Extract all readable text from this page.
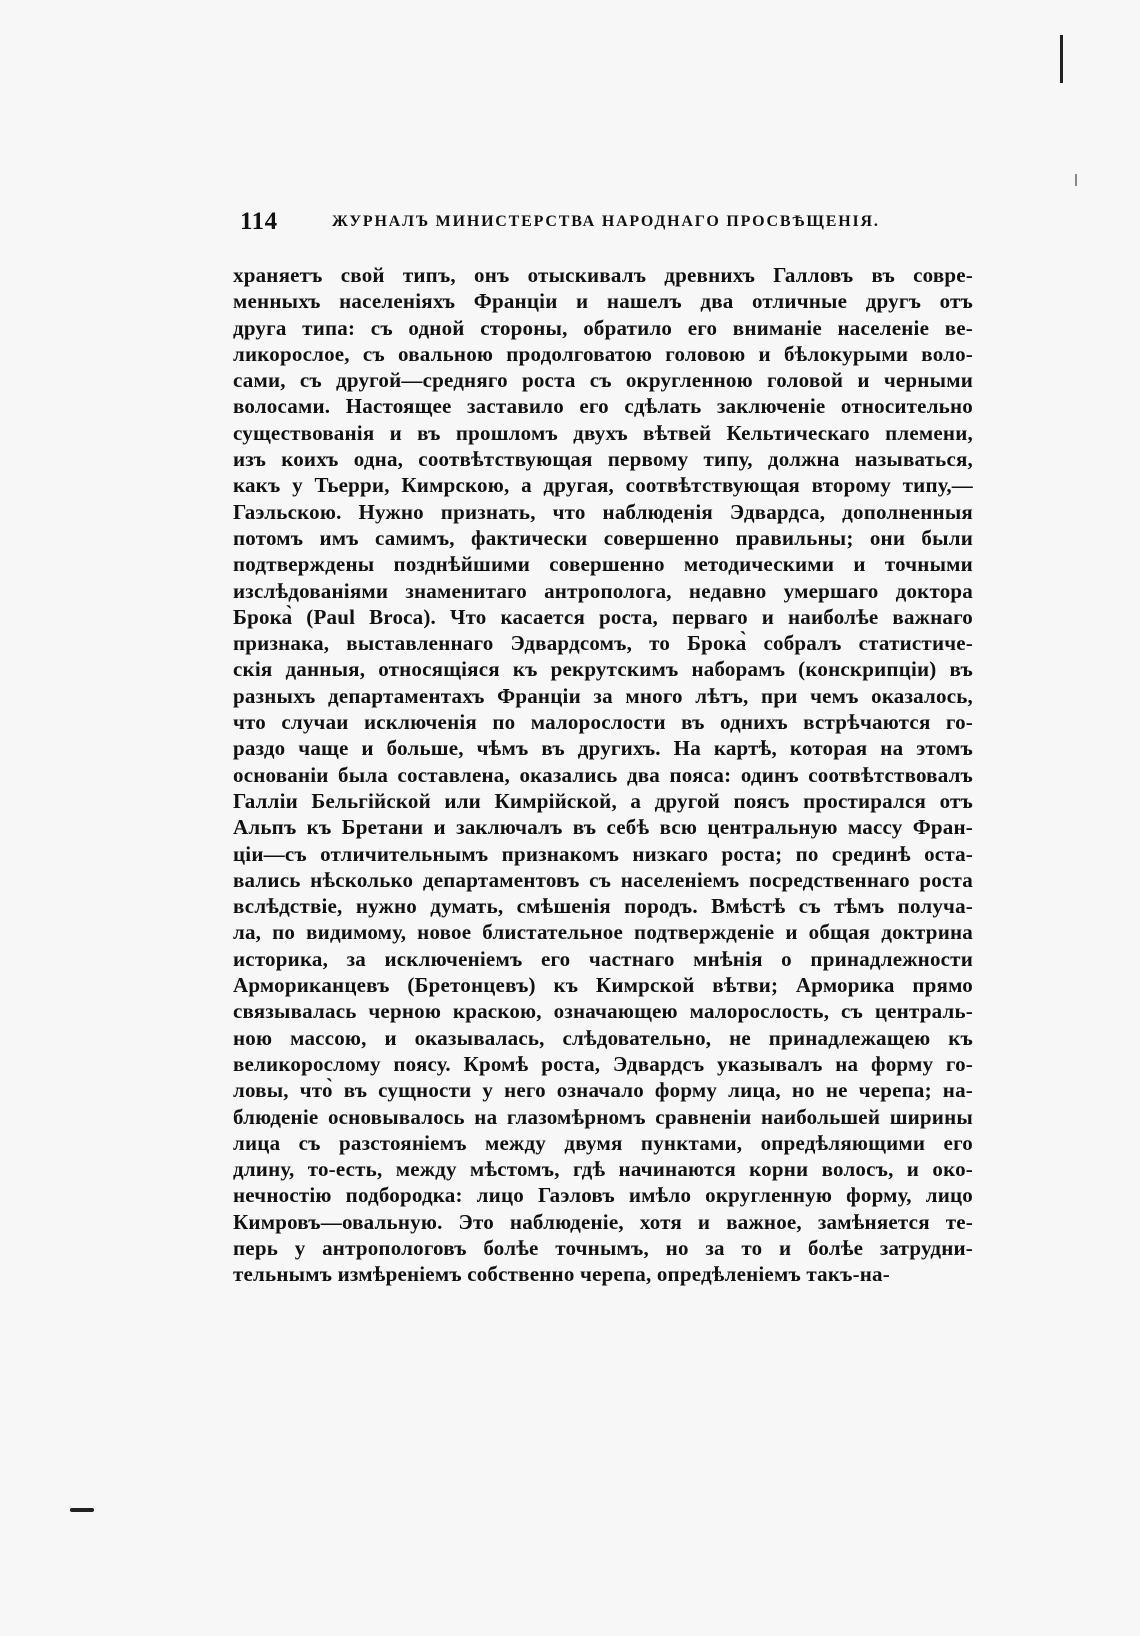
114	ЖУРНАЛЪ МИНИСТЕРСТВА НАРОДНАГО ПРОСВѢЩЕНІЯ.
храняетъ свой типъ, онъ отыскивалъ древнихъ Галловъ въ совре-
менныхъ населеніяхъ Франціи и нашелъ два отличные другъ отъ
друга типа: съ одной стороны, обратило его вниманіе населеніе ве-
ликорослое, съ овальною продолговатою головою и бѣлокурыми воло-
сами, съ другой—средняго роста съ округленною головой и черными
волосами. Настоящее заставило его сдѣлать заключеніе относительно
существованія и въ прошломъ двухъ вѣтвей Кельтическаго племени,
изъ коихъ одна, соотвѣтствующая первому типу, должна называться,
какъ у Тьерри, Кимрскою, а другая, соотвѣтствующая второму типу,—
Гаэльскою. Нужно признать, что наблюденія Эдвардса, дополненныя
потомъ имъ самимъ, фактически совершенно правильны; они были
подтверждены позднѣйшими совершенно методическими и точными
изслѣдованіями знаменитаго антрополога, недавно умершаго доктора
Брока̀ (Paul Broca). Что касается роста, перваго и наиболѣе важнаго
признака, выставленнаго Эдвардсомъ, то Брока̀ собралъ статистиче-
скія данныя, относящіяся къ рекрутскимъ наборамъ (конскрипціи) въ
разныхъ департаментахъ Франціи за много лѣтъ, при чемъ оказалось,
что случаи исключенія по малорослости въ однихъ встрѣчаются го-
раздо чаще и больше, чѣмъ въ другихъ. На картѣ, которая на этомъ
основаніи была составлена, оказались два пояса: одинъ соотвѣтствовалъ
Галліи Бельгійской или Кимрійской, а другой поясъ простирался отъ
Альпъ къ Бретани и заключалъ въ себѣ всю центральную массу Фран-
ціи—съ отличительнымъ признакомъ низкаго роста; по срединѣ оста-
вались нѣсколько департаментовъ съ населеніемъ посредственнаго роста
вслѣдствіе, нужно думать, смѣшенія породъ. Вмѣстѣ съ тѣмъ получа-
ла, по видимому, новое блистательное подтвержденіе и общая доктрина
историка, за исключеніемъ его частнаго мнѣнія о принадлежности
Арморикaнцевъ (Бретонцевъ) къ Кимрской вѣтви; Арморика прямо
связывалась черною краскою, означающею малорослость, съ централь-
ною массою, и оказывалась, слѣдовательно, не принадлежащею къ
великорослому поясу. Кромѣ роста, Эдвардсъ указывалъ на форму го-
ловы, что̀ въ сущности у него означало форму лица, но не черепа; на-
блюденіе основывалось на глазомѣрномъ сравненіи наибольшей ширины
лица съ разстояніемъ между двумя пунктами, опредѣляющими его
длину, то-есть, между мѣстомъ, гдѣ начинаются корни волосъ, и око-
нечностію подбородка: лицо Гаэловъ имѣло округленную форму, лицо
Кимровъ—овальную. Это наблюденіе, хотя и важное, замѣняется те-
перь у антропологовъ болѣе точнымъ, но за то и болѣе затрудни-
тельнымъ измѣреніемъ собственно черепа, опредѣленіемъ такъ-на-
